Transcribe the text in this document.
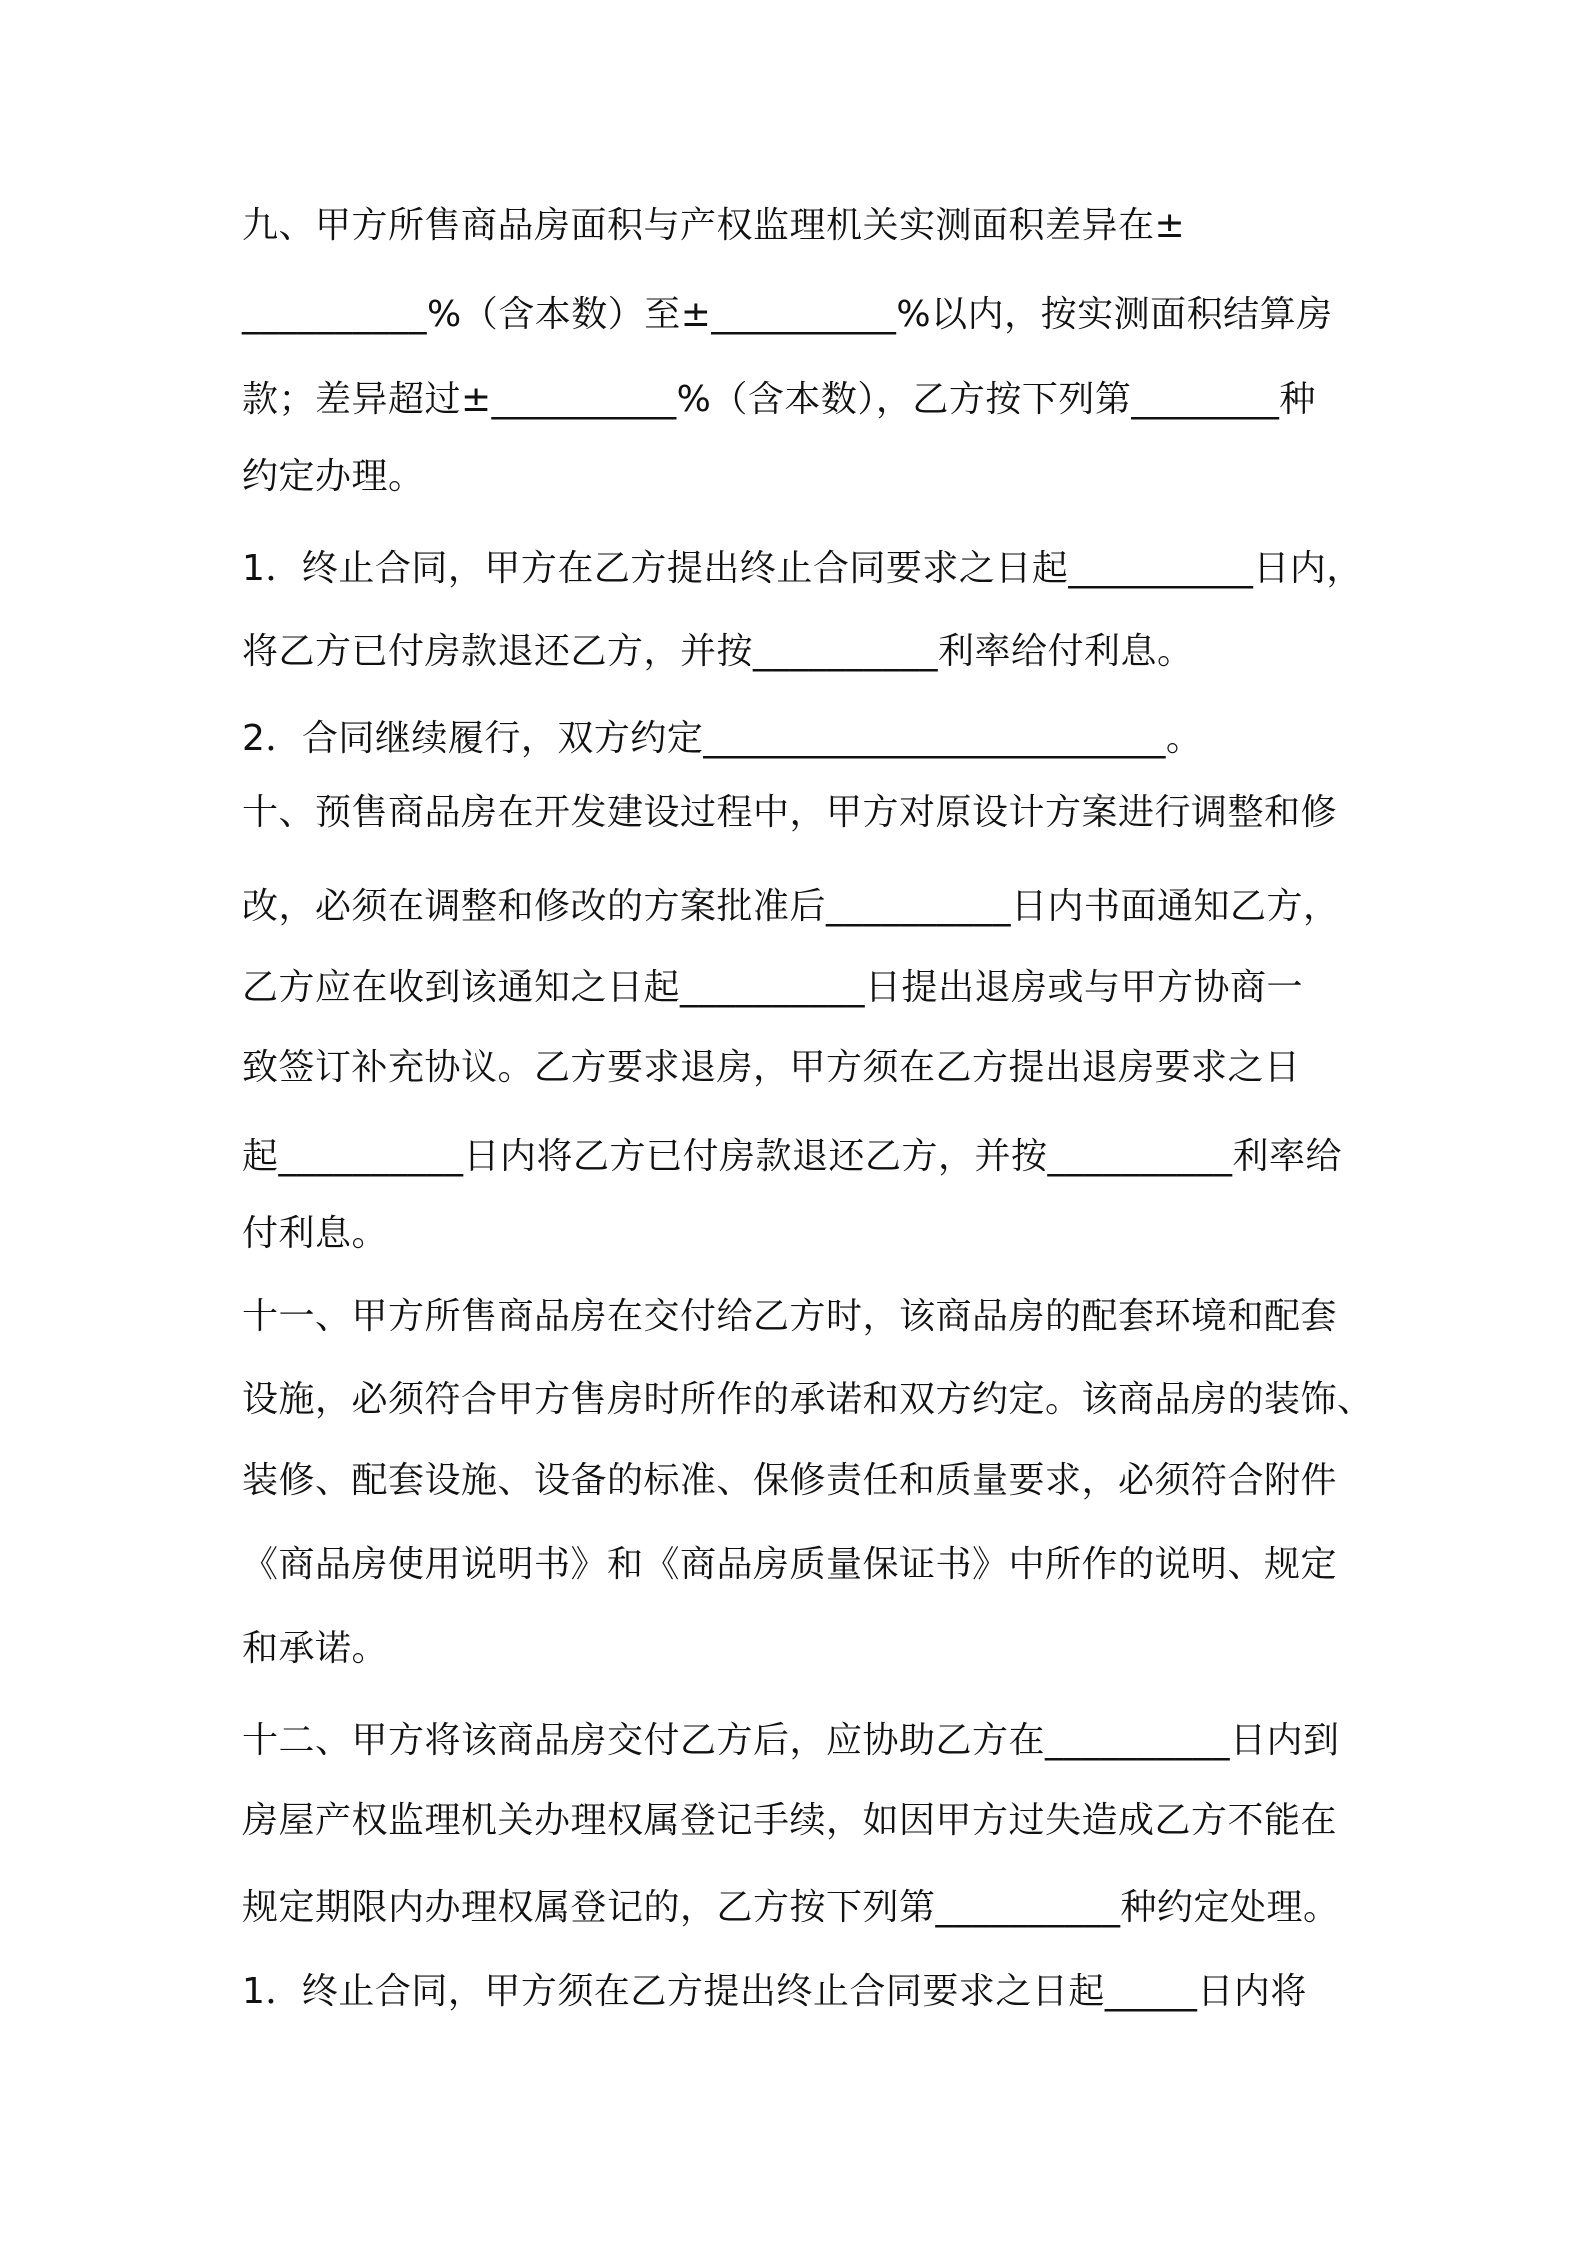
九、甲方所售商品房面积与产权监理机关实测面积差异在±

__________%（含本数）至±__________%以内，按实测面积结算房

款；差异超过±__________%（含本数），乙方按下列第________种

约定办理。

1．终止合同，甲方在乙方提出终止合同要求之日起__________日内，

将乙方已付房款退还乙方，并按__________利率给付利息。

2．合同继续履行，双方约定_________________________。

十、预售商品房在开发建设过程中，甲方对原设计方案进行调整和修

改，必须在调整和修改的方案批准后__________日内书面通知乙方，

乙方应在收到该通知之日起__________日提出退房或与甲方协商一

致签订补充协议。乙方要求退房，甲方须在乙方提出退房要求之日

起__________日内将乙方已付房款退还乙方，并按__________利率给

付利息。

十一、甲方所售商品房在交付给乙方时，该商品房的配套环境和配套

设施，必须符合甲方售房时所作的承诺和双方约定。该商品房的装饰、

装修、配套设施、设备的标准、保修责任和质量要求，必须符合附件

《商品房使用说明书》和《商品房质量保证书》中所作的说明、规定

和承诺。

十二、甲方将该商品房交付乙方后，应协助乙方在__________日内到

房屋产权监理机关办理权属登记手续，如因甲方过失造成乙方不能在

规定期限内办理权属登记的，乙方按下列第__________种约定处理。

1．终止合同，甲方须在乙方提出终止合同要求之日起_____日内将
